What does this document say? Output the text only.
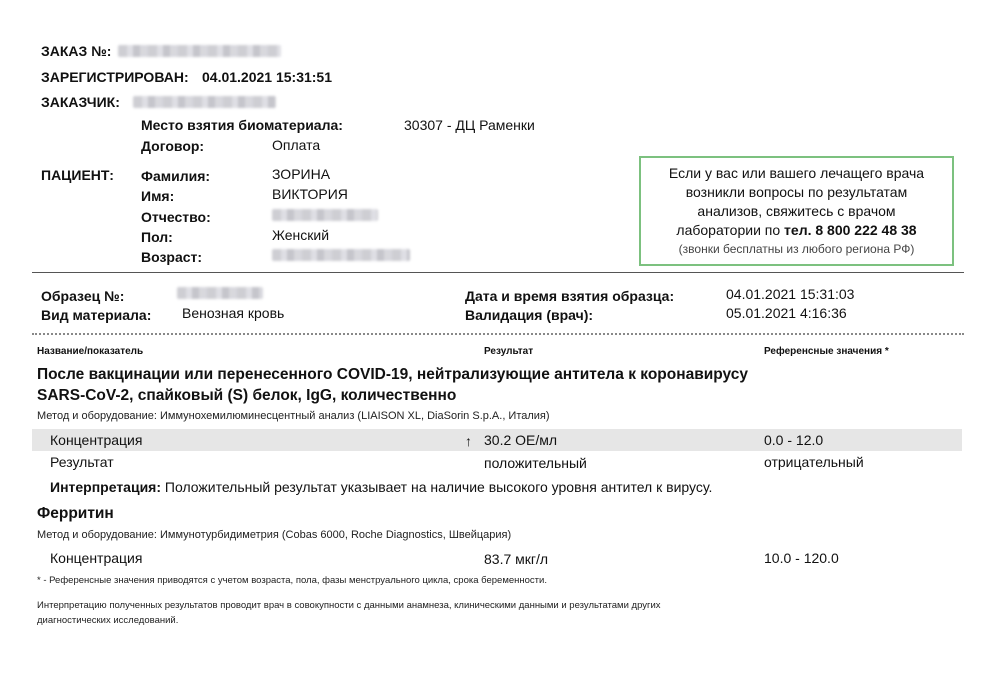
ЗАКАЗ №:
ЗАРЕГИСТРИРОВАН: 04.01.2021 15:31:51
ЗАКАЗЧИК:
Место взятия биоматериала:	30307 - ДЦ Раменки
Договор:	Оплата
ПАЦИЕНТ: Фамилия:	ЗОРИНА
Имя:	ВИКТОРИЯ
Отчество:
Пол:	Женский
Возраст:
Если у вас или вашего лечащего врача
возникли вопросы по результатам
анализов, свяжитесь с врачом
лаборатории по тел. 8 800 222 48 38
(звонки бесплатны из любого региона РФ)
Образец №:
Вид материала: Венозная кровь
Дата и время взятия образца:	04.01.2021 15:31:03
Валидация (врач):	05.01.2021 4:16:36
Название/показатель	Результат	Референсные значения *
После вакцинации или перенесенного COVID-19, нейтрализующие антитела к коронавирусу
SARS-CoV-2, спайковый (S) белок, IgG, количественно
Метод и оборудование: Иммунохемилюминесцентный анализ (LIAISON XL, DiaSorin S.p.A., Италия)
Концентрация	↑ 30.2 ОЕ/мл	0.0 - 12.0
Результат	положительный	отрицательный
Интерпретация: Положительный результат указывает на наличие высокого уровня антител к вирусу.
Ферритин
Метод и оборудование: Иммунотурбидиметрия (Cobas 6000, Roche Diagnostics, Швейцария)
Концентрация	83.7 мкг/л	10.0 - 120.0
* - Референсные значения приводятся с учетом возраста, пола, фазы менструального цикла, срока беременности.
Интерпретацию полученных результатов проводит врач в совокупности с данными анамнеза, клиническими данными и результатами других
диагностических исследований.
